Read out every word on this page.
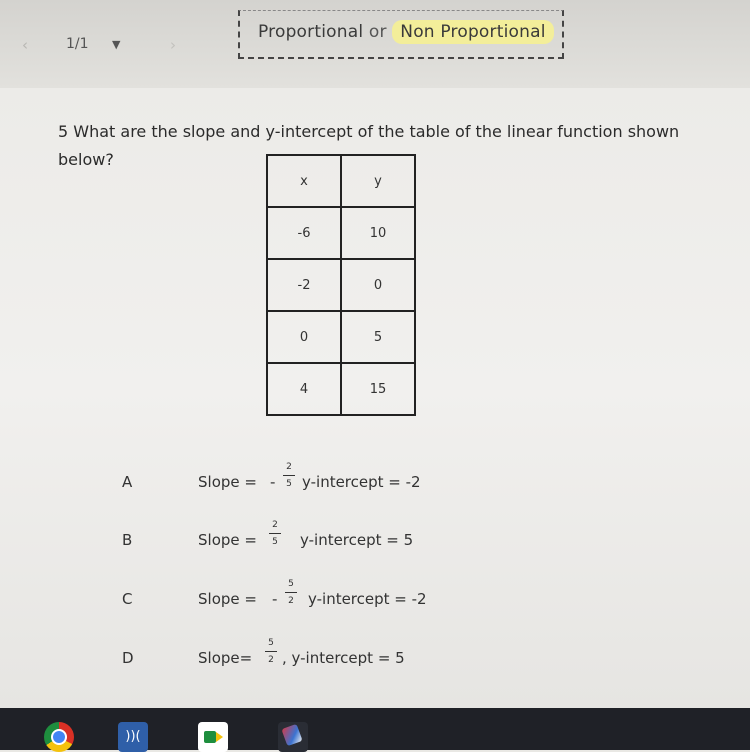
‹	1/1 ▼	›
Proportional or Non Proportional
5 What are the slope and y-intercept of the table of the linear function shown below?
x	y
-6	10
-2	0
0	5
4	15
A	Slope = -
2
5 y-intercept = -2
B	Slope =
2
5 y-intercept = 5
C	Slope = -
5
2 y-intercept = -2
D	Slope=
5
2 , y-intercept = 5
))(
